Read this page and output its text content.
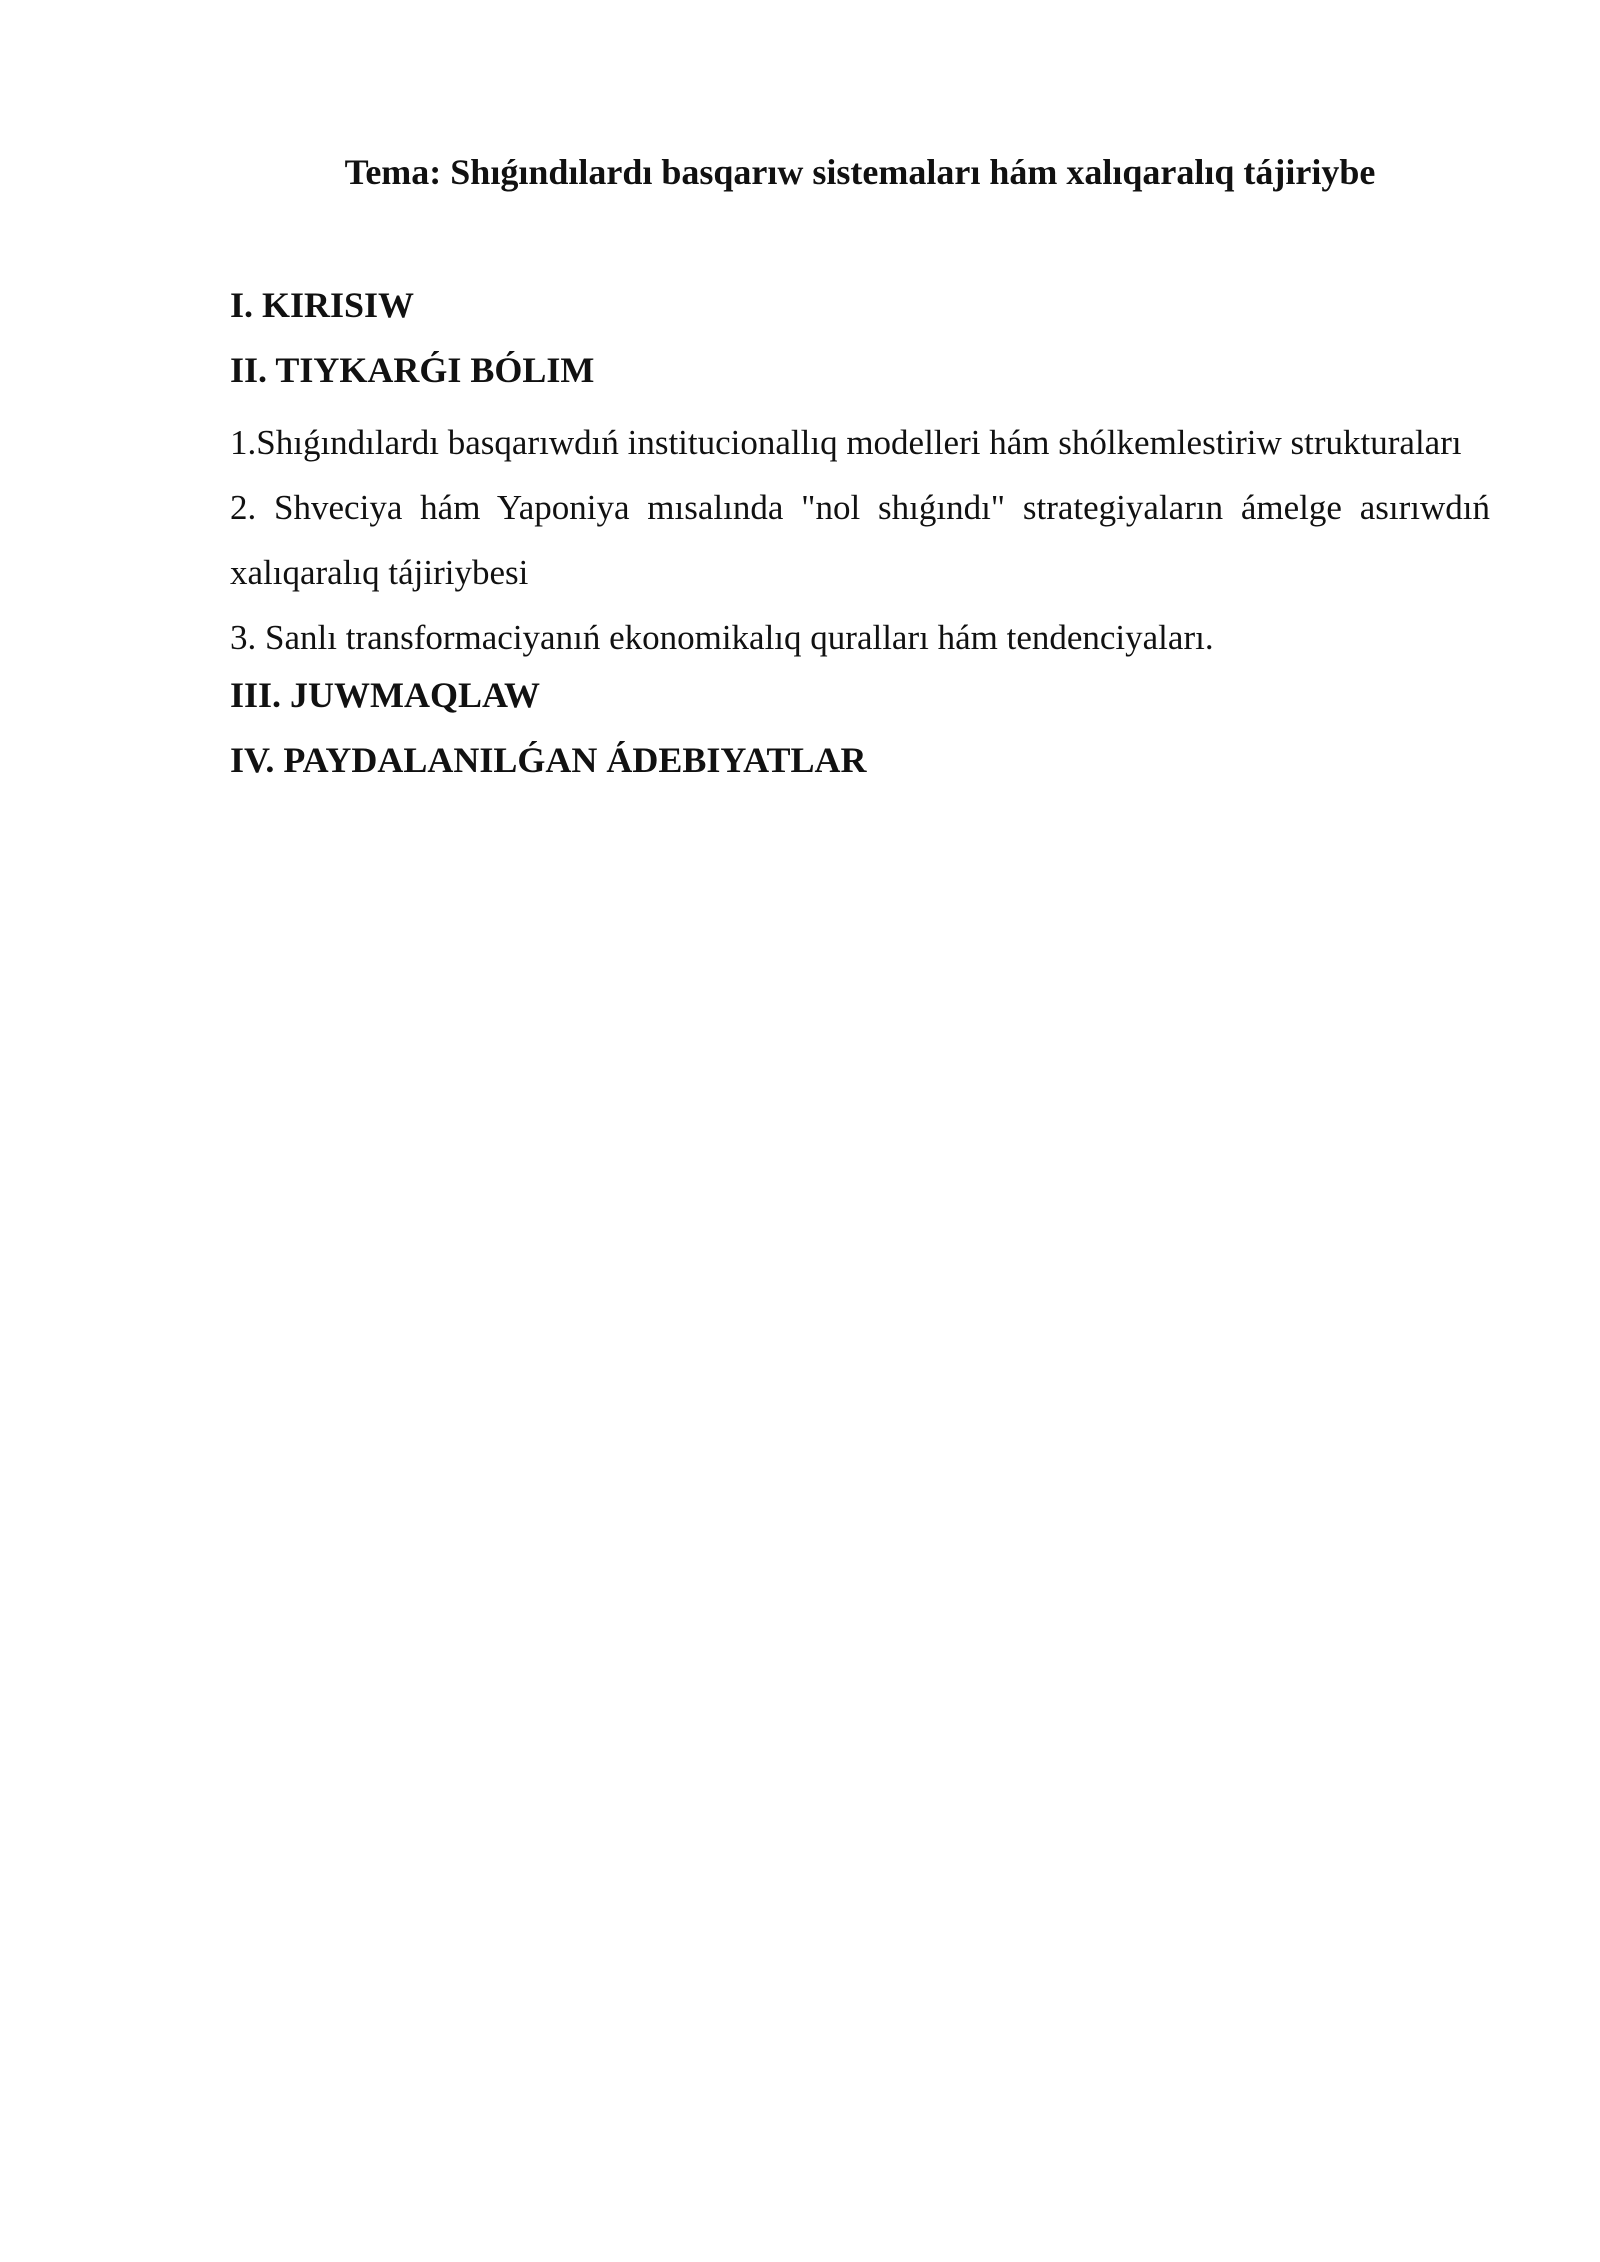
Tema: Shıǵındılardı basqarıw sistemaları hám xalıqaralıq tájiriybe
I. KIRISIW
II. TIYKARǴI BÓLIM
1.Shıǵındılardı basqarıwdıń institucionallıq modelleri hám shólkemlestiriw strukturaları
2. Shveciya hám Yaponiya mısalında "nol shıǵındı" strategiyaların ámelge asırıwdıń xalıqaralıq tájiriybesi
3. Sanlı transformaciyanıń ekonomikalıq quralları hám tendenciyaları.
III. JUWMAQLAW
IV. PAYDALANILǴAN ÁDEBIYATLAR
